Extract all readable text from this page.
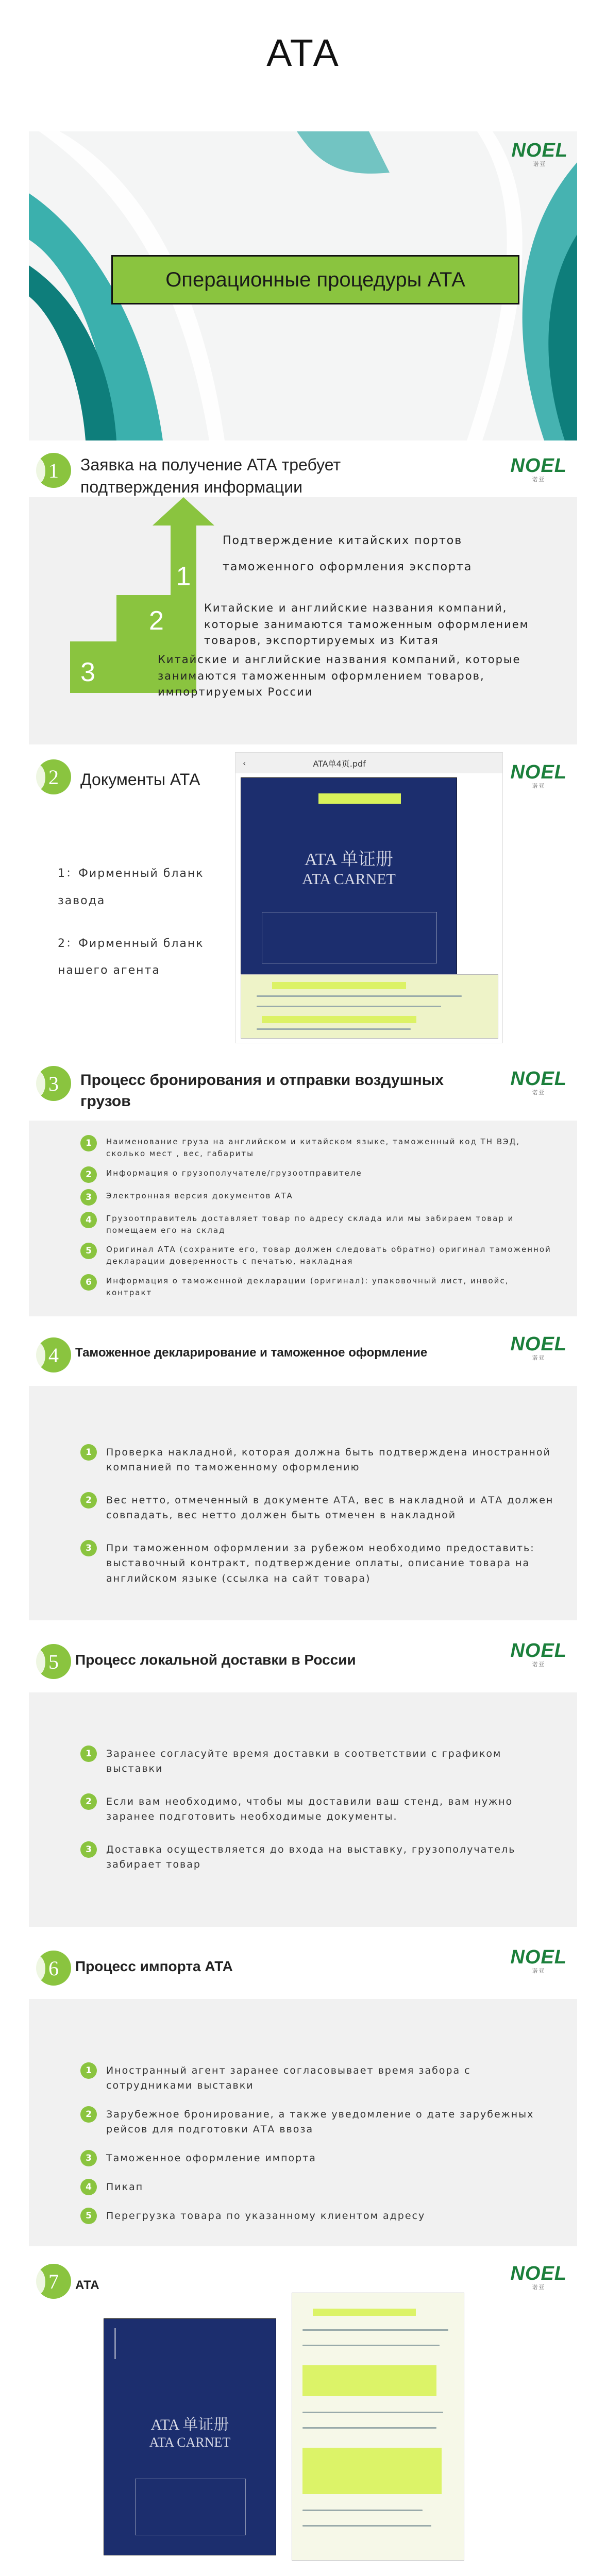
АТА
NOEL
诺亚
Операционные процедуры АТА
1	Заявка на получение АТА требует подтверждения информации
NOEL
诺亚
1
Подтверждение китайских портов таможенного оформления экспорта
2	Китайские и английские названия компаний, которые занимаются таможенным оформлением товаров, экспортируемых из Китая
3	Китайские и английские названия компаний, которые занимаются таможенным оформлением товаров, импортируемых России
2	Документы АТА	NOEL
诺亚
1：Фирменный бланк завода
2：Фирменный бланк нашего агента
‹	ATA单4页.pdf
ATA 单证册
ATA CARNET
3	Процесс бронирования и отправки воздушных грузов
NOEL
诺亚
1	Наименование груза на английском и китайском языке, таможенный код ТН ВЭД, сколько мест , вес, габариты
2	Информация о грузополучателе/грузоотправителе
3	Электронная версия документов АТА
4	Грузоотправитель доставляет товар по адресу склада или мы забираем товар и помещаем его на склад
5	Оригинал АТА (сохраните его, товар должен следовать обратно) оригинал таможенной декларации доверенность с печатью, накладная
6	Информация о таможенной декларации (оригинал): упаковочный лист, инвойс, контракт
4	Таможенное декларирование и таможенное оформление	NOEL
诺亚
1	Проверка накладной, которая должна быть подтверждена иностранной компанией по таможенному оформлению
2	Вес нетто, отмеченный в документе АТА, вес в накладной и АТА должен совпадать, вес нетто должен быть отмечен в накладной
3	При таможенном оформлении за рубежом необходимо предоставить: выставочный контракт, подтверждение оплаты, описание товара на английском языке (ссылка на сайт товара)
5	Процесс локальной доставки в России	NOEL
诺亚
1	Заранее согласуйте время доставки в соответствии с графиком выставки
2	Если вам необходимо, чтобы мы доставили ваш стенд, вам нужно заранее подготовить необходимые документы.
3	Доставка осуществляется до входа на выставку, грузополучатель забирает товар
6	Процесс импорта АТА	NOEL
诺亚
1	Иностранный агент заранее согласовывает время забора с сотрудниками выставки
2	Зарубежное бронирование, а также уведомление о дате зарубежных рейсов для подготовки АТА ввоза
3	Таможенное оформление импорта
4	Пикап
5	Перегрузка товара по указанному клиентом адресу
7	АТА
NOEL
诺亚
ATA 单证册
ATA CARNET
